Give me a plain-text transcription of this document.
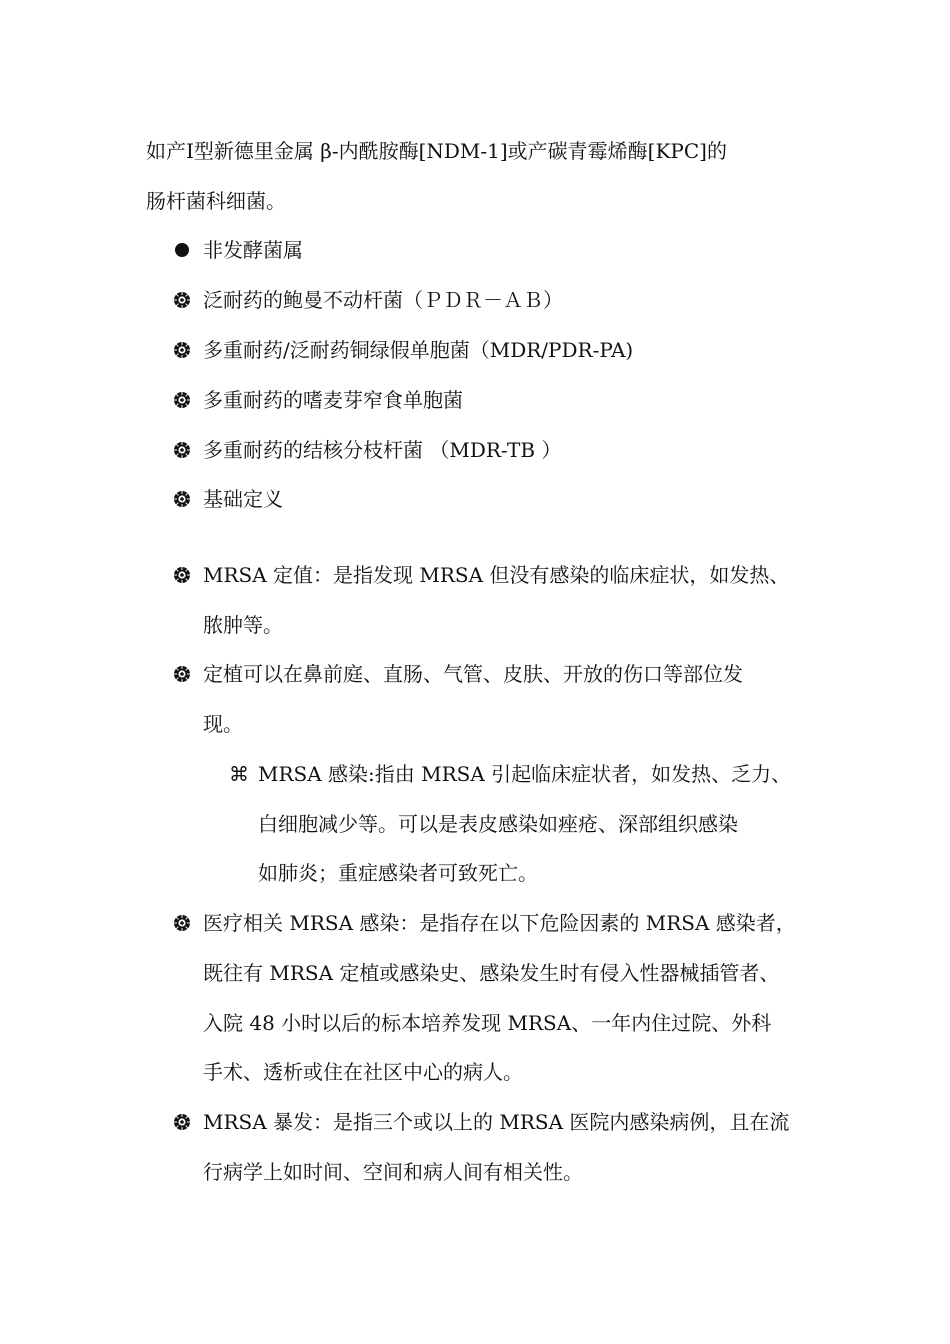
如产Ⅰ型新德里金属 β-内酰胺酶[NDM-1]或产碳青霉烯酶[KPC]的
肠杆菌科细菌。
非发酵菌属
泛耐药的鲍曼不动杆菌（ＰＤＲ－ＡＢ）
多重耐药/泛耐药铜绿假单胞菌（MDR/PDR-PA)
多重耐药的嗜麦芽窄食单胞菌
多重耐药的结核分枝杆菌 （MDR-TB ）
基础定义
MRSA 定值：是指发现 MRSA 但没有感染的临床症状，如发热、
脓肿等。
定植可以在鼻前庭、直肠、气管、皮肤、开放的伤口等部位发
现。
⌘ MRSA 感染:指由 MRSA 引起临床症状者，如发热、乏力、
白细胞减少等。可以是表皮感染如痤疮、深部组织感染
如肺炎；重症感染者可致死亡。
医疗相关 MRSA 感染：是指存在以下危险因素的 MRSA 感染者，
既往有 MRSA 定植或感染史、感染发生时有侵入性器械插管者、
入院 48 小时以后的标本培养发现 MRSA、一年内住过院、外科
手术、透析或住在社区中心的病人。
MRSA 暴发：是指三个或以上的 MRSA 医院内感染病例，且在流
行病学上如时间、空间和病人间有相关性。
